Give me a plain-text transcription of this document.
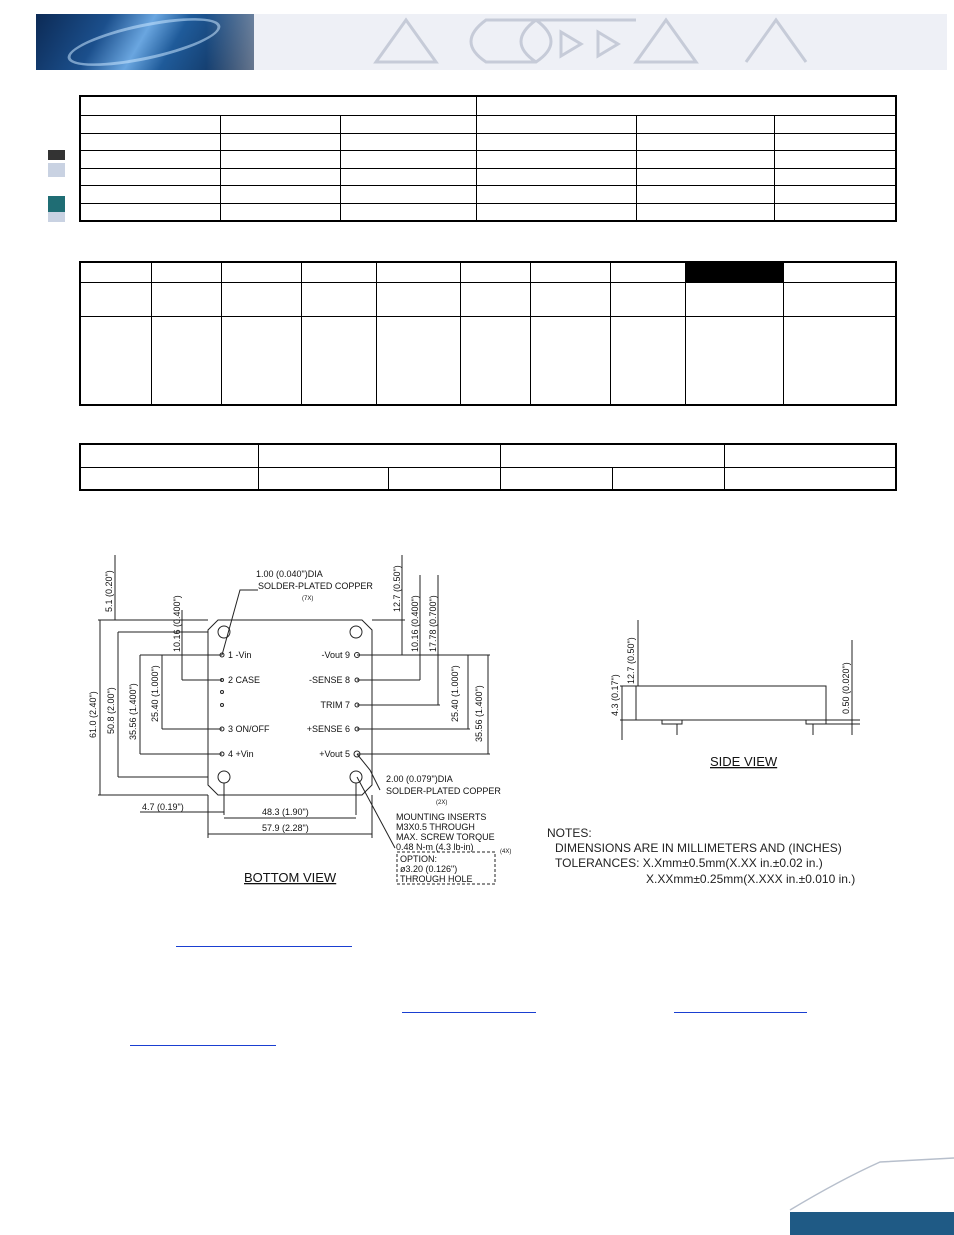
1.00 (0.040")DIA
SOLDER-PLATED COPPER
(7X)
1 -Vin
2 CASE
3 ON/OFF
4 +Vin
-Vout 9
-SENSE 8
TRIM 7
+SENSE 6
+Vout 5
2.00 (0.079")DIA
SOLDER-PLATED COPPER
(2X)
MOUNTING INSERTS
M3X0.5 THROUGH
MAX. SCREW TORQUE
0.48 N-m (4.3 lb-in)	(4X)
OPTION:
ø3.20 (0.126")
THROUGH HOLE
4.7 (0.19")	48.3 (1.90")
57.9 (2.28")
5.1 (0.20")
61.0 (2.40") 50.8 (2.00") 35.56 (1.400") 25.40 (1.000")
10.16 (0.400")
12.7 (0.50")
10.16 (0.400") 17.78 (0.700")
25.40 (1.000") 35.56 (1.400")
BOTTOM VIEW
4.3 (0.17")
12.7 (0.50")
0.50 (0.020")
SIDE VIEW
NOTES:
DIMENSIONS ARE IN MILLIMETERS AND (INCHES)
TOLERANCES: X.Xmm±0.5mm(X.XX in.±0.02 in.)
X.XXmm±0.25mm(X.XXX in.±0.010 in.)
